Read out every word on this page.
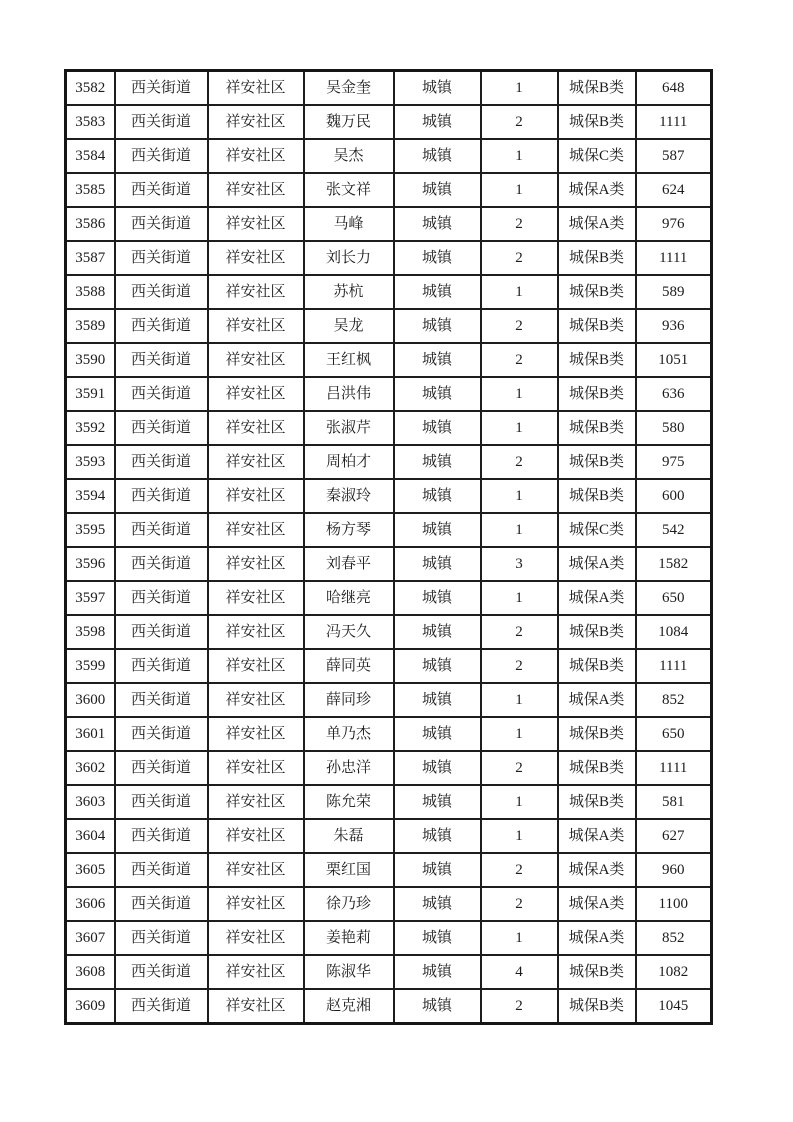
3582	西关街道	祥安社区	吴金奎	城镇	1	城保B类	648
3583	西关街道	祥安社区	魏万民	城镇	2	城保B类	1111
3584	西关街道	祥安社区	吴杰	城镇	1	城保C类	587
3585	西关街道	祥安社区	张文祥	城镇	1	城保A类	624
3586	西关街道	祥安社区	马峰	城镇	2	城保A类	976
3587	西关街道	祥安社区	刘长力	城镇	2	城保B类	1111
3588	西关街道	祥安社区	苏杭	城镇	1	城保B类	589
3589	西关街道	祥安社区	吴龙	城镇	2	城保B类	936
3590	西关街道	祥安社区	王红枫	城镇	2	城保B类	1051
3591	西关街道	祥安社区	吕洪伟	城镇	1	城保B类	636
3592	西关街道	祥安社区	张淑芹	城镇	1	城保B类	580
3593	西关街道	祥安社区	周柏才	城镇	2	城保B类	975
3594	西关街道	祥安社区	秦淑玲	城镇	1	城保B类	600
3595	西关街道	祥安社区	杨方琴	城镇	1	城保C类	542
3596	西关街道	祥安社区	刘春平	城镇	3	城保A类	1582
3597	西关街道	祥安社区	哈继亮	城镇	1	城保A类	650
3598	西关街道	祥安社区	冯天久	城镇	2	城保B类	1084
3599	西关街道	祥安社区	薛同英	城镇	2	城保B类	1111
3600	西关街道	祥安社区	薛同珍	城镇	1	城保A类	852
3601	西关街道	祥安社区	单乃杰	城镇	1	城保B类	650
3602	西关街道	祥安社区	孙忠洋	城镇	2	城保B类	1111
3603	西关街道	祥安社区	陈允荣	城镇	1	城保B类	581
3604	西关街道	祥安社区	朱磊	城镇	1	城保A类	627
3605	西关街道	祥安社区	栗红国	城镇	2	城保A类	960
3606	西关街道	祥安社区	徐乃珍	城镇	2	城保A类	1100
3607	西关街道	祥安社区	姜艳莉	城镇	1	城保A类	852
3608	西关街道	祥安社区	陈淑华	城镇	4	城保B类	1082
3609	西关街道	祥安社区	赵克湘	城镇	2	城保B类	1045
